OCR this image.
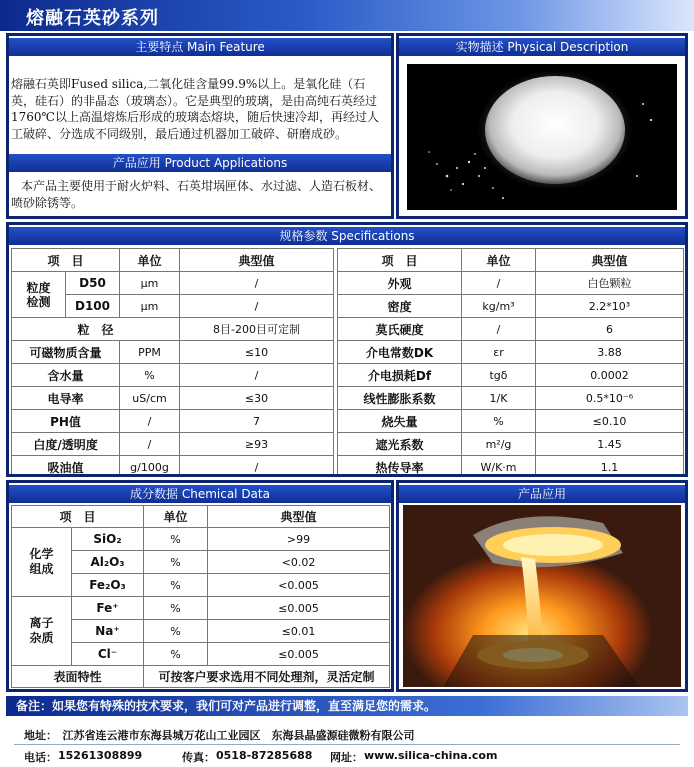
熔融石英砂系列
主要特点 Main Feature
熔融石英即Fused silica,二氧化硅含量99.9%以上。是氧化硅（石英，硅石）的非晶态（玻璃态）。它是典型的玻璃，是由高纯石英经过1760℃以上高温熔炼后形成的玻璃态熔块，随后快速冷却，再经过人工破碎、分选成不同级别，最后通过机器加工破碎、研磨成砂。
产品应用 Product Applications
本产品主要使用于耐火炉料、石英坩埚匣体、水过滤、人造石板材、喷砂除锈等。
实物描述 Physical Description
规格参数 Specifications
项　目		单位	典型值
粒度
检测	D50	μm	/
	D100	μm	/
粒　径			8目-200目可定制
可磁物质含量		PPM	≤10
含水量		%	/
电导率		uS/cm	≤30
PH值		/	7
白度/透明度		/	≥93
吸油值		g/100g	/
项　目	单位	典型值
外观	/	白色颗粒
密度	kg/m³	2.2*10³
莫氏硬度	/	6
介电常数DK	εr	3.88
介电损耗Df	tgδ	0.0002
线性膨胀系数	1/K	0.5*10⁻⁶
烧失量	%	≤0.10
遮光系数	m²/g	1.45
热传导率	W/K·m	1.1
成分数据 Chemical Data
项　目		单位	典型值
化学
组成	SiO₂	%	>99
	Al₂O₃	%	<0.02
	Fe₂O₃	%	<0.005
离子
杂质	Fe⁺	%	≤0.005
	Na⁺	%	≤0.01
	Cl⁻	%	≤0.005
表面特性		可按客户要求选用不同处理剂，灵活定制	
产品应用
备注：如果您有特殊的技术要求，我们可对产品进行调整，直至满足您的需求。
地址：　江苏省连云港市东海县城万花山工业园区　东海县晶盛源硅微粉有限公司
电话： 15261308899	传真： 0518-87285688 网址： www.silica-china.com
